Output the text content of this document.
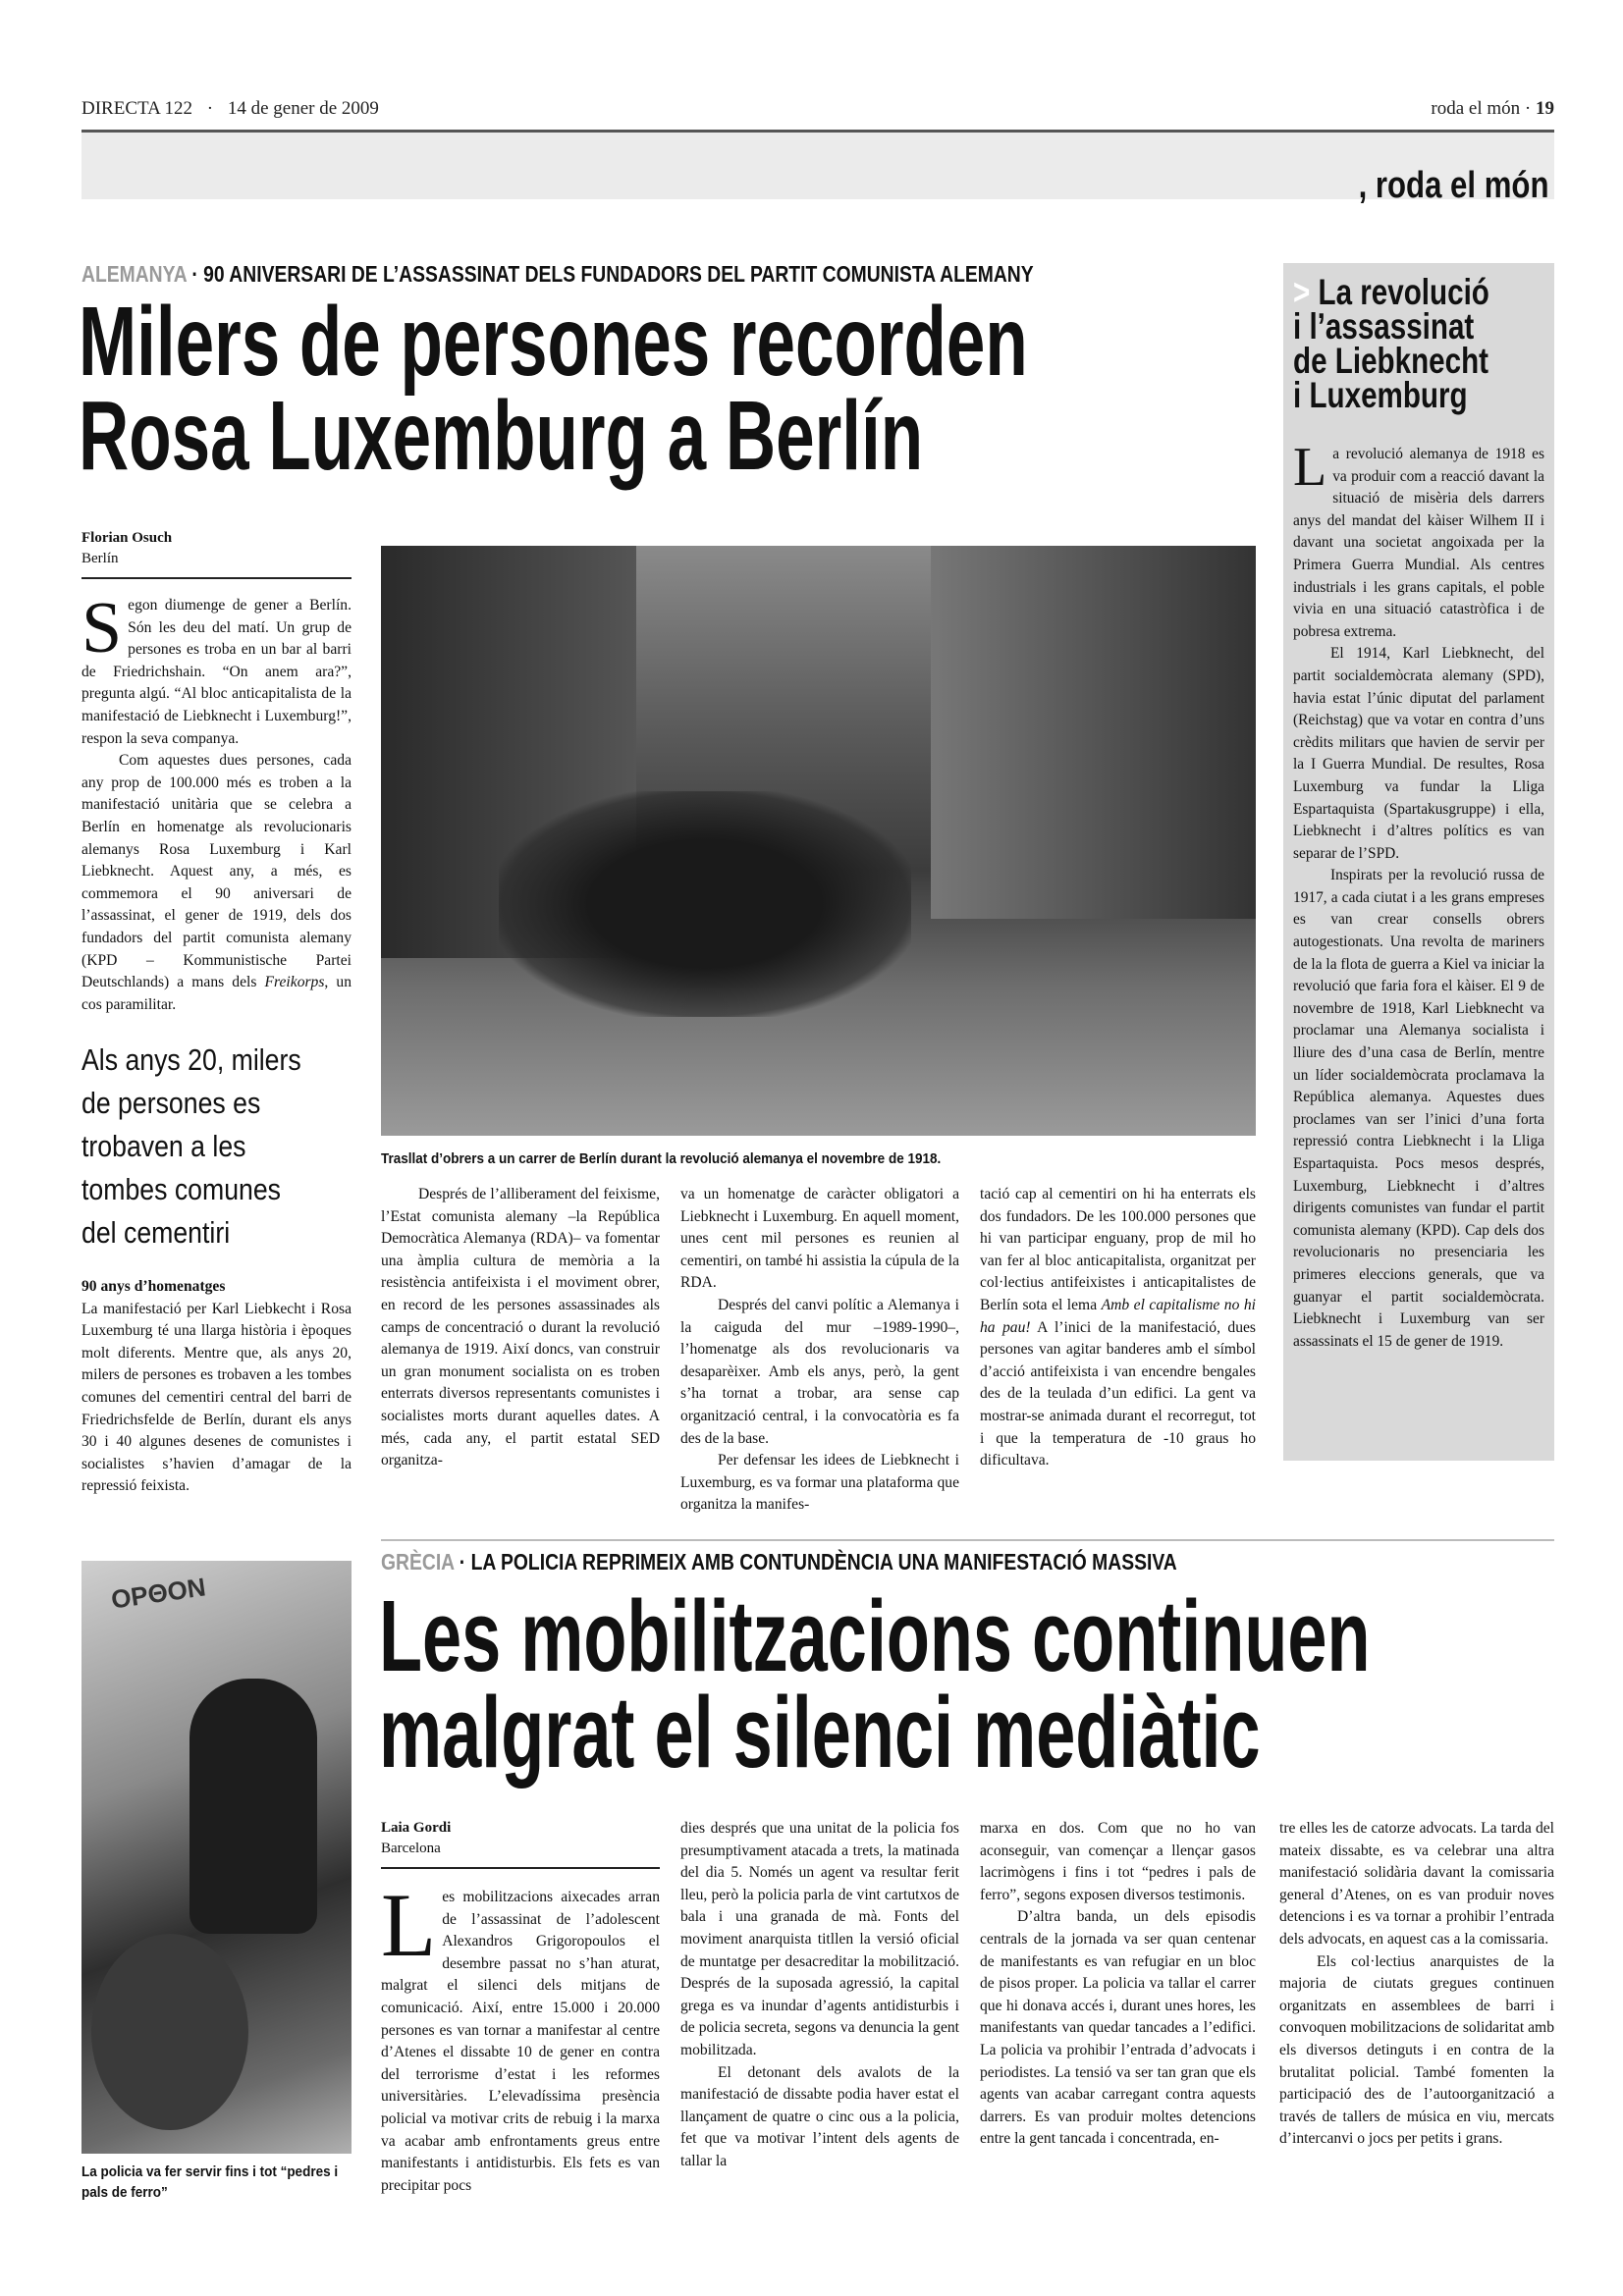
DIRECTA 122 · 14 de gener de 2009	roda el món · 19
, roda el món
ALEMANYA · 90 ANIVERSARI DE L’ASSASSINAT DELS FUNDADORS DEL PARTIT COMUNISTA ALEMANY
Milers de persones recorden
Rosa Luxemburg a Berlín
Florian Osuch
Berlín

Segon diumenge de gener a Berlín. Són les deu del matí. Un grup de persones es troba en un bar al barri de Friedrichshain. “On anem ara?”, pregunta algú. “Al bloc anticapitalista de la manifestació de Liebknecht i Luxemburg!”, respon la seva companya.

Com aquestes dues persones, cada any prop de 100.000 més es troben a la manifestació unitària que se celebra a Berlín en homenatge als revolucionaris alemanys Rosa Luxemburg i Karl Liebknecht. Aquest any, a més, es commemora el 90 aniversari de l’assassinat, el gener de 1919, dels dos fundadors del partit comunista alemany (KPD – Kommunistische Partei Deutschlands) a mans dels Freikorps, un cos paramilitar.

Als anys 20, milers
de persones es
trobaven a les
tombes comunes
del cementiri
90 anys d’homenatges

La manifestació per Karl Liebkecht i Rosa Luxemburg té una llarga història i èpoques molt diferents. Mentre que, als anys 20, milers de persones es trobaven a les tombes comunes del cementiri central del barri de Friedrichsfelde de Berlín, durant els anys 30 i 40 algunes desenes de comunistes i socialistes s’havien d’amagar de la repressió feixista.

Trasllat d’obrers a un carrer de Berlín durant la revolució alemanya el novembre de 1918.

Després de l’alliberament del feixisme, l’Estat comunista alemany –la República Democràtica Alemanya (RDA)– va fomentar una àmplia cultura de memòria a la resistència antifeixista i el moviment obrer, en record de les persones assassinades als camps de concentració o durant la revolució alemanya de 1919. Així doncs, van construir un gran monument socialista on es troben enterrats diversos representants comunistes i socialistes morts durant aquelles dates. A més, cada any, el partit estatal SED organitza-

va un homenatge de caràcter obligatori a Liebknecht i Luxemburg. En aquell moment, unes cent mil persones es reunien al cementiri, on també hi assistia la cúpula de la RDA.

Després del canvi polític a Alemanya i la caiguda del mur –1989-1990–, l’homenatge als dos revolucionaris va desaparèixer. Amb els anys, però, la gent s’ha tornat a trobar, ara sense cap organització central, i la convocatòria es fa des de la base.

Per defensar les idees de Liebknecht i Luxemburg, es va formar una plataforma que organitza la manifes-

tació cap al cementiri on hi ha enterrats els dos fundadors. De les 100.000 persones que hi van participar enguany, prop de mil ho van fer al bloc anticapitalista, organitzat per col·lectius antifeixistes i anticapitalistes de Berlín sota el lema Amb el capitalisme no hi ha pau! A l’inici de la manifestació, dues persones van agitar banderes amb el símbol d’acció antifeixista i van encendre bengales des de la teulada d’un edifici. La gent va mostrar-se animada durant el recorregut, tot i que la temperatura de -10 graus ho dificultava.

> La revolució
i l’assassinat
de Liebknecht
i Luxemburg

La revolució alemanya de 1918 es va produir com a reacció davant la situació de misèria dels darrers anys del mandat del kàiser Wilhem II i davant una societat angoixada per la Primera Guerra Mundial. Als centres industrials i les grans capitals, el poble vivia en una situació catastròfica i de pobresa extrema.

El 1914, Karl Liebknecht, del partit socialdemòcrata alemany (SPD), havia estat l’únic diputat del parlament (Reichstag) que va votar en contra d’uns crèdits militars que havien de servir per la I Guerra Mundial. De resultes, Rosa Luxemburg va fundar la Lliga Espartaquista (Spartakusgruppe) i ella, Liebknecht i d’altres polítics es van separar de l’SPD.

Inspirats per la revolució russa de 1917, a cada ciutat i a les grans empreses es van crear consells obrers autogestionats. Una revolta de mariners de la la flota de guerra a Kiel va iniciar la revolució que faria fora el kàiser. El 9 de novembre de 1918, Karl Liebknecht va proclamar una Alemanya socialista i lliure des d’una casa de Berlín, mentre un líder socialdemòcrata proclamava la República alemanya. Aquestes dues proclames van ser l’inici d’una forta repressió contra Liebknecht i la Lliga Espartaquista. Pocs mesos després, Luxemburg, Liebknecht i d’altres dirigents comunistes van fundar el partit comunista alemany (KPD). Cap dels dos revolucionaris no presenciaria les primeres eleccions generals, que va guanyar el partit socialdemòcrata. Liebknecht i Luxemburg van ser assassinats el 15 de gener de 1919.

ΟΡΘΟΝ
La policia va fer servir fins i tot “pedres i pals de ferro”
GRÈCIA · LA POLICIA REPRIMEIX AMB CONTUNDÈNCIA UNA MANIFESTACIÓ MASSIVA
Les mobilitzacions continuen
malgrat el silenci mediàtic
Laia Gordi
Barcelona

Les mobilitzacions aixecades arran de l’assassinat de l’adolescent Alexandros Grigoropoulos el desembre passat no s’han aturat, malgrat el silenci dels mitjans de comunicació. Així, entre 15.000 i 20.000 persones es van tornar a manifestar al centre d’Atenes el dissabte 10 de gener en contra del terrorisme d’estat i les reformes universitàries. L’elevadíssima presència policial va motivar crits de rebuig i la marxa va acabar amb enfrontaments greus entre manifestants i antidisturbis. Els fets es van precipitar pocs

dies després que una unitat de la policia fos presumptivament atacada a trets, la matinada del dia 5. Només un agent va resultar ferit lleu, però la policia parla de vint cartutxos de bala i una granada de mà. Fonts del moviment anarquista titllen la versió oficial de muntatge per desacreditar la mobilització. Després de la suposada agressió, la capital grega es va inundar d’agents antidisturbis i de policia secreta, segons va denuncia la gent mobilitzada.

El detonant dels avalots de la manifestació de dissabte podia haver estat el llançament de quatre o cinc ous a la policia, fet que va motivar l’intent dels agents de tallar la

marxa en dos. Com que no ho van aconseguir, van començar a llençar gasos lacrimògens i fins i tot “pedres i pals de ferro”, segons exposen diversos testimonis.

D’altra banda, un dels episodis centrals de la jornada va ser quan centenar de manifestants es van refugiar en un bloc de pisos proper. La policia va tallar el carrer que hi donava accés i, durant unes hores, les manifestants van quedar tancades a l’edifici. La policia va prohibir l’entrada d’advocats i periodistes. La tensió va ser tan gran que els agents van acabar carregant contra aquests darrers. Es van produir moltes detencions entre la gent tancada i concentrada, en-

tre elles les de catorze advocats. La tarda del mateix dissabte, es va celebrar una altra manifestació solidària davant la comissaria general d’Atenes, on es van produir noves detencions i es va tornar a prohibir l’entrada dels advocats, en aquest cas a la comissaria.

Els col·lectius anarquistes de la majoria de ciutats gregues continuen organitzats en assemblees de barri i convoquen mobilitzacions de solidaritat amb els diversos detinguts i en contra de la brutalitat policial. També fomenten la participació des de l’autoorganització a través de tallers de música en viu, mercats d’intercanvi o jocs per petits i grans.
